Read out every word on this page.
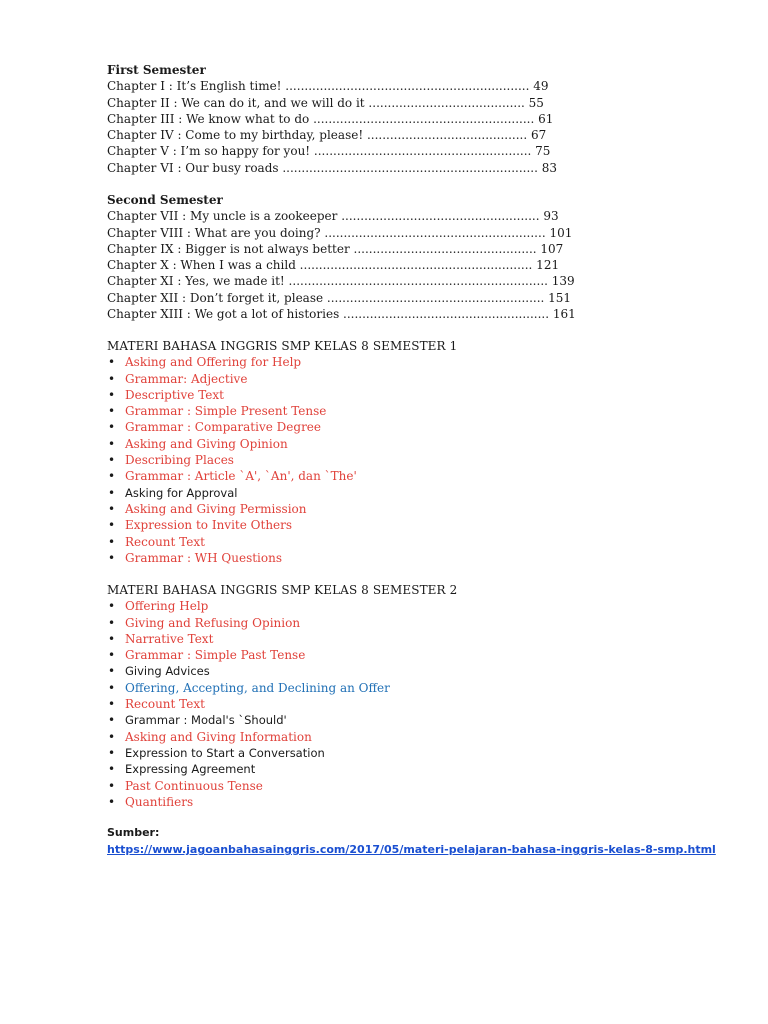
First Semester
Chapter I : It’s English time! ................................................................ 49
Chapter II : We can do it, and we will do it ......................................... 55
Chapter III : We know what to do .......................................................... 61
Chapter IV : Come to my birthday, please! .......................................... 67
Chapter V : I’m so happy for you! ......................................................... 75
Chapter VI : Our busy roads ................................................................... 83
Second Semester
Chapter VII : My uncle is a zookeeper .................................................... 93
Chapter VIII : What are you doing? .......................................................... 101
Chapter IX : Bigger is not always better ................................................ 107
Chapter X : When I was a child ............................................................. 121
Chapter XI : Yes, we made it! .................................................................... 139
Chapter XII : Don’t forget it, please ......................................................... 151
Chapter XIII : We got a lot of histories ...................................................... 161
MATERI BAHASA INGGRIS SMP KELAS 8 SEMESTER 1
• Asking and Offering for Help
• Grammar: Adjective
• Descriptive Text
• Grammar : Simple Present Tense
• Grammar : Comparative Degree
• Asking and Giving Opinion
• Describing Places
• Grammar : Article `A', `An', dan `The'
• Asking for Approval
• Asking and Giving Permission
• Expression to Invite Others
• Recount Text
• Grammar : WH Questions
MATERI BAHASA INGGRIS SMP KELAS 8 SEMESTER 2
• Offering Help
• Giving and Refusing Opinion
• Narrative Text
• Grammar : Simple Past Tense
• Giving Advices
• Offering, Accepting, and Declining an Offer
• Recount Text
• Grammar : Modal's `Should'
• Asking and Giving Information
• Expression to Start a Conversation
• Expressing Agreement
• Past Continuous Tense
• Quantifiers
Sumber:
https://www.jagoanbahasainggris.com/2017/05/materi-pelajaran-bahasa-inggris-kelas-8-smp.html
